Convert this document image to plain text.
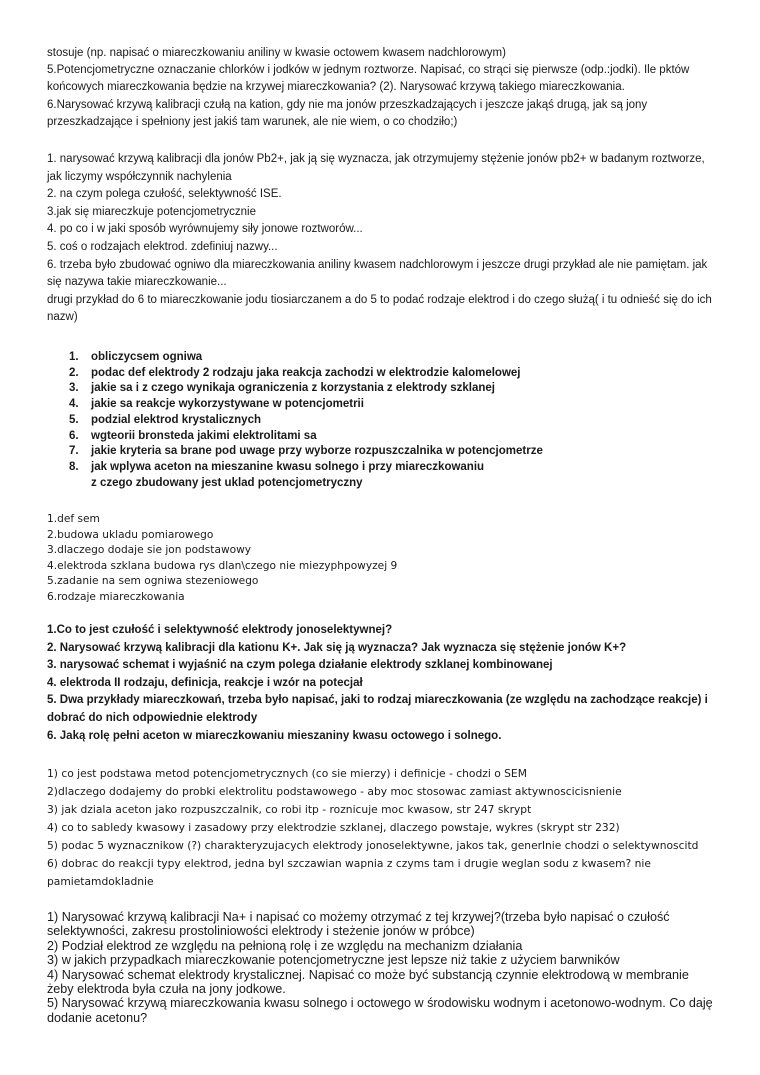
stosuje (np. napisać o miareczkowaniu aniliny w kwasie octowem kwasem nadchlorowym)

5.Potencjometryczne oznaczanie chlorków i jodków w jednym roztworze. Napisać, co strąci się pierwsze (odp.:jodki). Ile pktów końcowych miareczkowania będzie na krzywej miareczkowania? (2). Narysować krzywą takiego miareczkowania.

6.Narysować krzywą kalibracji czułą na kation, gdy nie ma jonów przeszkadzających i jeszcze jakąś drugą, jak są jony przeszkadzające i spełniony jest jakiś tam warunek, ale nie wiem, o co chodziło;)

1. narysować krzywą kalibracji dla jonów Pb2+, jak ją się wyznacza, jak otrzymujemy stężenie jonów pb2+ w badanym roztworze, jak liczymy współczynnik nachylenia

2. na czym polega czułość, selektywność ISE.

3.jak się miareczkuje potencjometrycznie

4. po co i w jaki sposób wyrównujemy siły jonowe roztworów...

5. coś o rodzajach elektrod. zdefiniuj nazwy...

6. trzeba było zbudować ogniwo dla miareczkowania aniliny kwasem nadchlorowym i jeszcze drugi przykład ale nie pamiętam. jak się nazywa takie miareczkowanie...

drugi przykład do 6 to miareczkowanie jodu tiosiarczanem a do 5 to podać rodzaje elektrod i do czego służą( i tu odnieść się do ich nazw)

1. obliczycsem ogniwa
2. podac def elektrody 2 rodzaju jaka reakcja zachodzi w elektrodzie kalomelowej
3. jakie sa i z czego wynikaja ograniczenia z korzystania z elektrody szklanej
4. jakie sa reakcje wykorzystywane w potencjometrii
5. podzial elektrod krystalicznych
6. wgteorii bronsteda jakimi elektrolitami sa
7. jakie kryteria sa brane pod uwage przy wyborze rozpuszczalnika w potencjometrze
8. jak wplywa aceton na mieszanine kwasu solnego i przy miareczkowaniu
z czego zbudowany jest uklad potencjometryczny

1.def sem

2.budowa ukladu pomiarowego

3.dlaczego dodaje sie jon podstawowy

4.elektroda szklana budowa rys dlan\czego nie miezyphpowyzej 9

5.zadanie na sem ogniwa stezeniowego

6.rodzaje miareczkowania

1.Co to jest czułość i selektywność elektrody jonoselektywnej?

2. Narysować krzywą kalibracji dla kationu K+. Jak się ją wyznacza? Jak wyznacza się stężenie jonów K+?

3. narysować schemat i wyjaśnić na czym polega działanie elektrody szklanej kombinowanej

4. elektroda II rodzaju, definicja, reakcje i wzór na potecjał

5. Dwa przykłady miareczkowań, trzeba było napisać, jaki to rodzaj miareczkowania (ze względu na zachodzące reakcje) i dobrać do nich odpowiednie elektrody

6. Jaką rolę pełni aceton w miareczkowaniu mieszaniny kwasu octowego i solnego.

1) co jest podstawa metod potencjometrycznych (co sie mierzy) i definicje - chodzi o SEM

2)dlaczego dodajemy do probki elektrolitu podstawowego - aby moc stosowac zamiast aktywnoscicisnienie

3) jak dziala aceton jako rozpuszczalnik, co robi itp - roznicuje moc kwasow, str 247 skrypt

4) co to sabledy kwasowy i zasadowy przy elektrodzie szklanej, dlaczego powstaje, wykres (skrypt str 232)

5) podac 5 wyznacznikow (?) charakteryzujacych elektrody jonoselektywne, jakos tak, generlnie chodzi o selektywnoscitd

6) dobrac do reakcji typy elektrod, jedna byl szczawian wapnia z czyms tam i drugie weglan sodu z kwasem? nie pamietamdokladnie

1) Narysować krzywą kalibracji Na+ i napisać co możemy otrzymać z tej krzywej?(trzeba było napisać o czułość selektywności, zakresu prostoliniowości elektrody i steżenie jonów w próbce)

2) Podział elektrod ze względu na pełnioną rolę i ze względu na mechanizm działania

3) w jakich przypadkach miareczkowanie potencjometryczne jest lepsze niż takie z użyciem barwników

4) Narysować schemat elektrody krystalicznej. Napisać co może być substancją czynnie elektrodową w membranie żeby elektroda była czuła na jony jodkowe.

5) Narysować krzywą miareczkowania kwasu solnego i octowego w środowisku wodnym i acetonowo-wodnym. Co daję dodanie acetonu?
